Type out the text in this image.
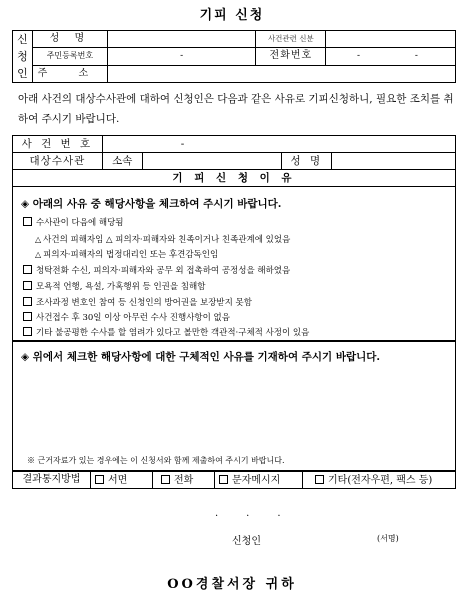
기피 신청
신
청
인	성 명		사건관련 신분	
	주민등록번호	-	전화번호	- -
	주 소			
아래 사건의 대상수사관에 대하여 신청인은 다음과 같은 사유로 기피신청하니, 필요한 조치를 취하여 주시기 바랍니다.
사 건 번 호	-			
대상수사관	소속		성 명	
기 피 신 청 이 유				
◈ 아래의 사유 중 해당사항을 체크하여 주시기 바랍니다.
수사관이 다음에 해당됨
△ 사건의 피해자임 △ 피의자·피해자와 친족이거나 친족관계에 있었음
△ 피의자·피해자의 법정대리인 또는 후견감독인임
청탁전화 수신, 피의자·피해자와 공무 외 접촉하여 공정성을 해하였음
모욕적 언행, 욕설, 가혹행위 등 인권을 침해함
조사과정 변호인 참여 등 신청인의 방어권을 보장받지 못함
사건접수 후 30일 이상 아무런 수사 진행사항이 없음
기타 불공평한 수사를 할 염려가 있다고 볼만한 객관적·구체적 사정이 있음
◈ 위에서 체크한 해당사항에 대한 구체적인 사유를 기재하여 주시기 바랍니다.
※ 근거자료가 있는 경우에는 이 신청서와 함께 제출하여 주시기 바랍니다.
결과통지방법	서면	전화	문자메시지	기타(전자우편, 팩스 등)
...
신청인	(서명)
OO경찰서장 귀하
